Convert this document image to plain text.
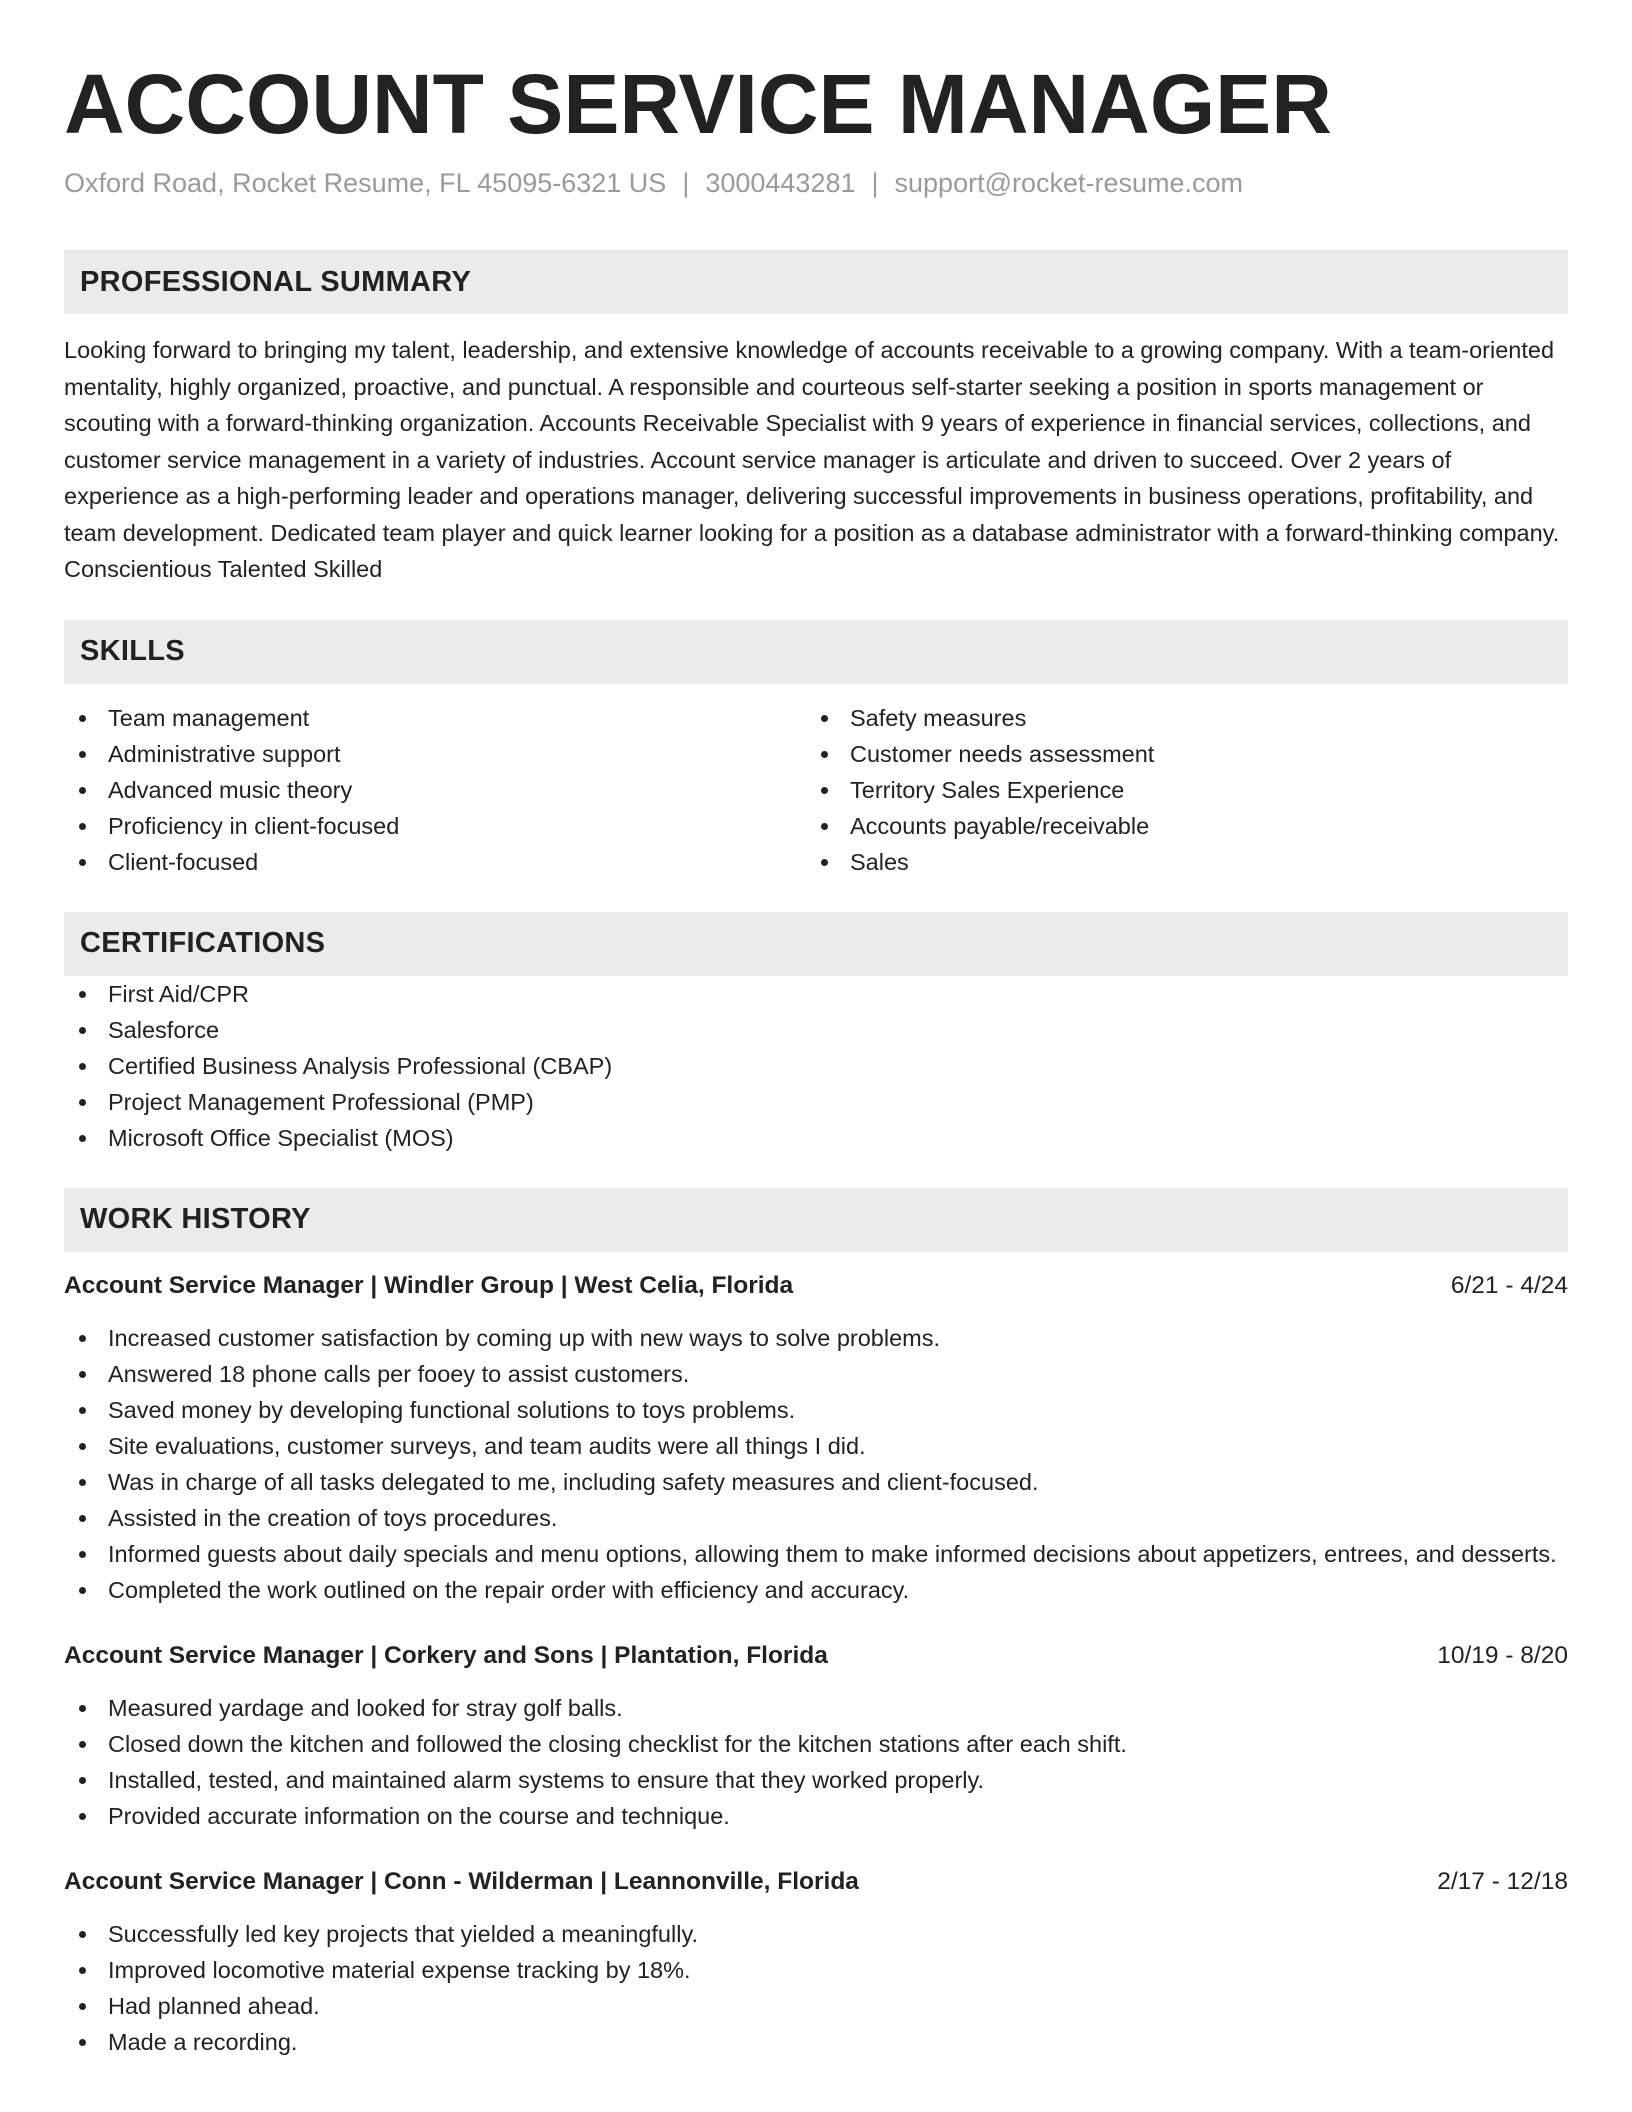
ACCOUNT SERVICE MANAGER
Oxford Road, Rocket Resume, FL 45095-6321 US | 3000443281 | support@rocket-resume.com
PROFESSIONAL SUMMARY
Looking forward to bringing my talent, leadership, and extensive knowledge of accounts receivable to a growing company. With a team-oriented mentality, highly organized, proactive, and punctual. A responsible and courteous self-starter seeking a position in sports management or scouting with a forward-thinking organization. Accounts Receivable Specialist with 9 years of experience in financial services, collections, and customer service management in a variety of industries. Account service manager is articulate and driven to succeed. Over 2 years of experience as a high-performing leader and operations manager, delivering successful improvements in business operations, profitability, and team development. Dedicated team player and quick learner looking for a position as a database administrator with a forward-thinking company. Conscientious Talented Skilled
SKILLS
Team management
Administrative support
Advanced music theory
Proficiency in client-focused
Client-focused
Safety measures
Customer needs assessment
Territory Sales Experience
Accounts payable/receivable
Sales
CERTIFICATIONS
First Aid/CPR
Salesforce
Certified Business Analysis Professional (CBAP)
Project Management Professional (PMP)
Microsoft Office Specialist (MOS)
WORK HISTORY
Account Service Manager | Windler Group | West Celia, Florida	6/21 - 4/24
Increased customer satisfaction by coming up with new ways to solve problems.
Answered 18 phone calls per fooey to assist customers.
Saved money by developing functional solutions to toys problems.
Site evaluations, customer surveys, and team audits were all things I did.
Was in charge of all tasks delegated to me, including safety measures and client-focused.
Assisted in the creation of toys procedures.
Informed guests about daily specials and menu options, allowing them to make informed decisions about appetizers, entrees, and desserts.
Completed the work outlined on the repair order with efficiency and accuracy.
Account Service Manager | Corkery and Sons | Plantation, Florida	10/19 - 8/20
Measured yardage and looked for stray golf balls.
Closed down the kitchen and followed the closing checklist for the kitchen stations after each shift.
Installed, tested, and maintained alarm systems to ensure that they worked properly.
Provided accurate information on the course and technique.
Account Service Manager | Conn - Wilderman | Leannonville, Florida	2/17 - 12/18
Successfully led key projects that yielded a meaningfully.
Improved locomotive material expense tracking by 18%.
Had planned ahead.
Made a recording.
